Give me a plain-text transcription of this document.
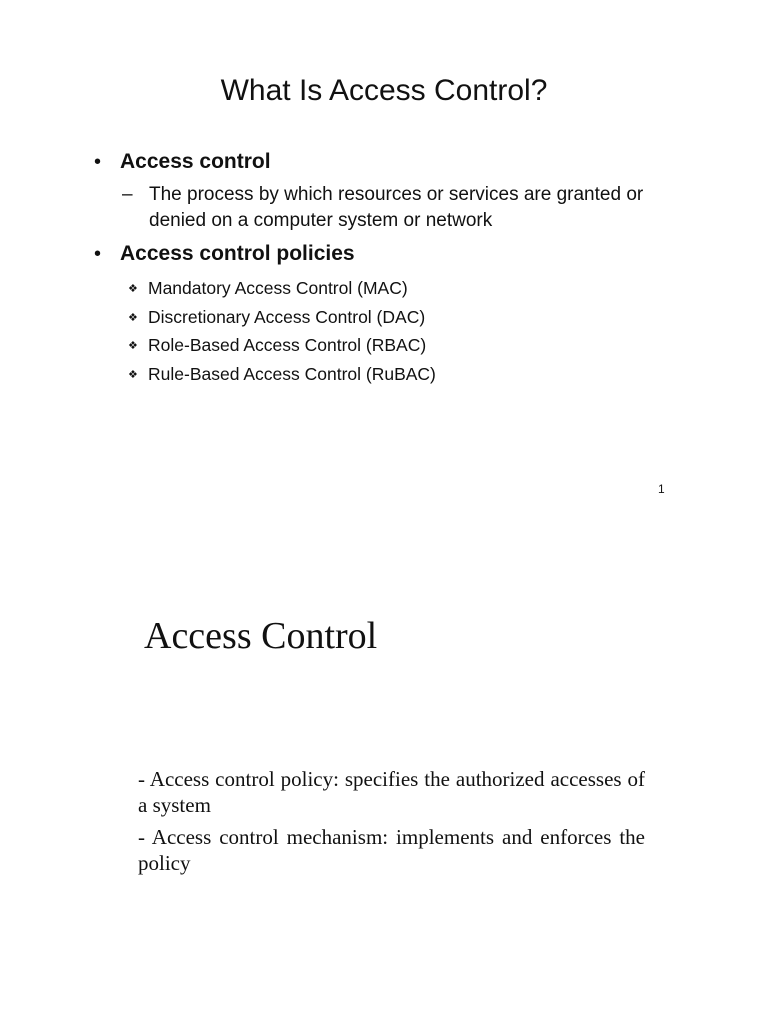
What Is Access Control?
• Access control
– The process by which resources or services are granted or denied on a computer system or network
• Access control policies
❖ Mandatory Access Control (MAC)
❖ Discretionary Access Control (DAC)
❖ Role-Based Access Control (RBAC)
❖ Rule-Based Access Control (RuBAC)
1
Access Control

- Access control policy: specifies the authorized accesses of a system

- Access control mechanism: implements and enforces the policy
